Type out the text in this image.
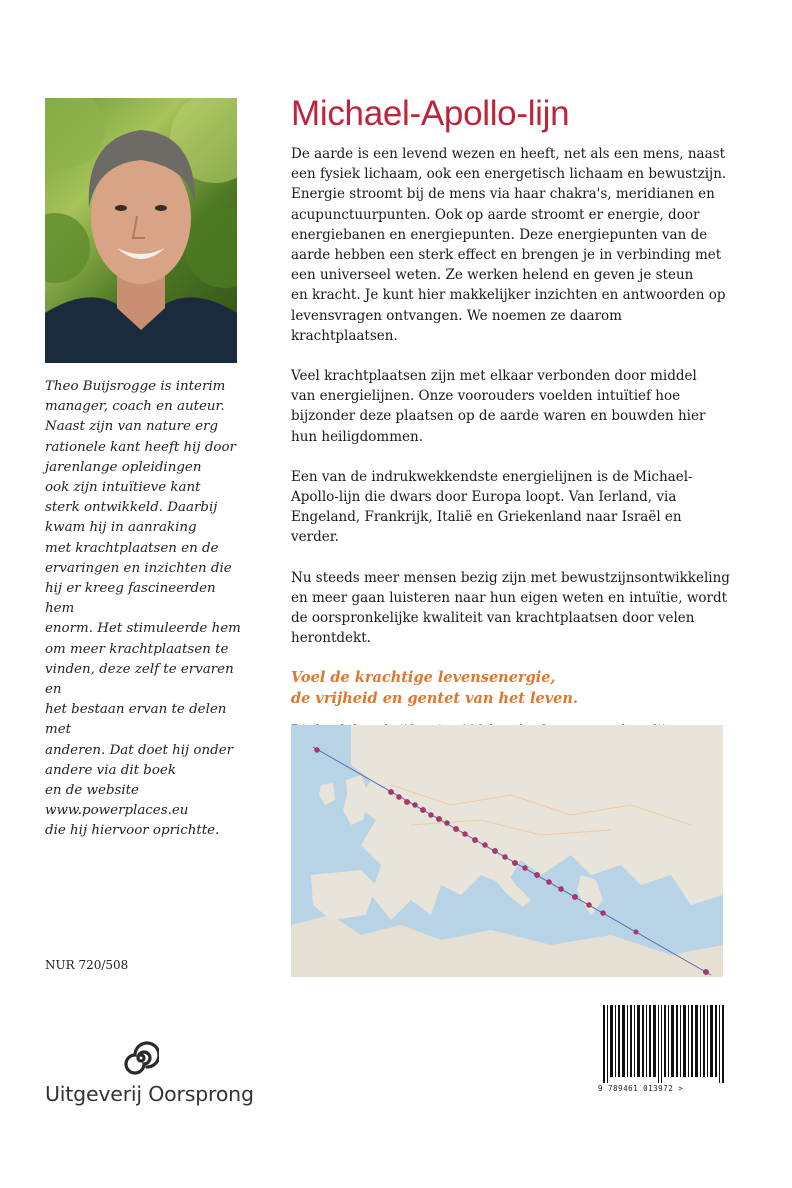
Theo Buijsrogge is interim
manager, coach en auteur.
Naast zijn van nature erg
rationele kant heeft hij door
jarenlange opleidingen
ook zijn intuïtieve kant
sterk ontwikkeld. Daarbij
kwam hij in aanraking
met krachtplaatsen en de
ervaringen en inzichten die
hij er kreeg fascineerden hem
enorm. Het stimuleerde hem
om meer krachtplaatsen te
vinden, deze zelf te ervaren en
het bestaan ervan te delen met
anderen. Dat doet hij onder
andere via dit boek
en de website
www.powerplaces.eu
die hij hiervoor oprichtte.
NUR 720/508
Uitgeverij Oorsprong
Michael-Apollo-lijn

De aarde is een levend wezen en heeft, net als een mens, naast
een fysiek lichaam, ook een energetisch lichaam en bewustzijn.
Energie stroomt bij de mens via haar chakra's, meridianen en
acupunctuurpunten. Ook op aarde stroomt er energie, door
energiebanen en energiepunten. Deze energiepunten van de
aarde hebben een sterk effect en brengen je in verbinding met
een universeel weten. Ze werken helend en geven je steun
en kracht. Je kunt hier makkelijker inzichten en antwoorden op
levensvragen ontvangen. We noemen ze daarom krachtplaatsen.

Veel krachtplaatsen zijn met elkaar verbonden door middel
van energielijnen. Onze voorouders voelden intuïtief hoe
bijzonder deze plaatsen op de aarde waren en bouwden hier
hun heiligdommen.

Een van de indrukwekkendste energielijnen is de Michael-
Apollo-lijn die dwars door Europa loopt. Van Ierland, via
Engeland, Frankrijk, Italië en Griekenland naar Israël en verder.

Nu steeds meer mensen bezig zijn met bewustzijnsontwikkeling
en meer gaan luisteren naar hun eigen weten en intuïtie, wordt
de oorspronkelijke kwaliteit van krachtplaatsen door velen
herontdekt.

Voel de krachtige levensenergie,
de vrijheid en gentet van het leven.

9 789461 013972 >
